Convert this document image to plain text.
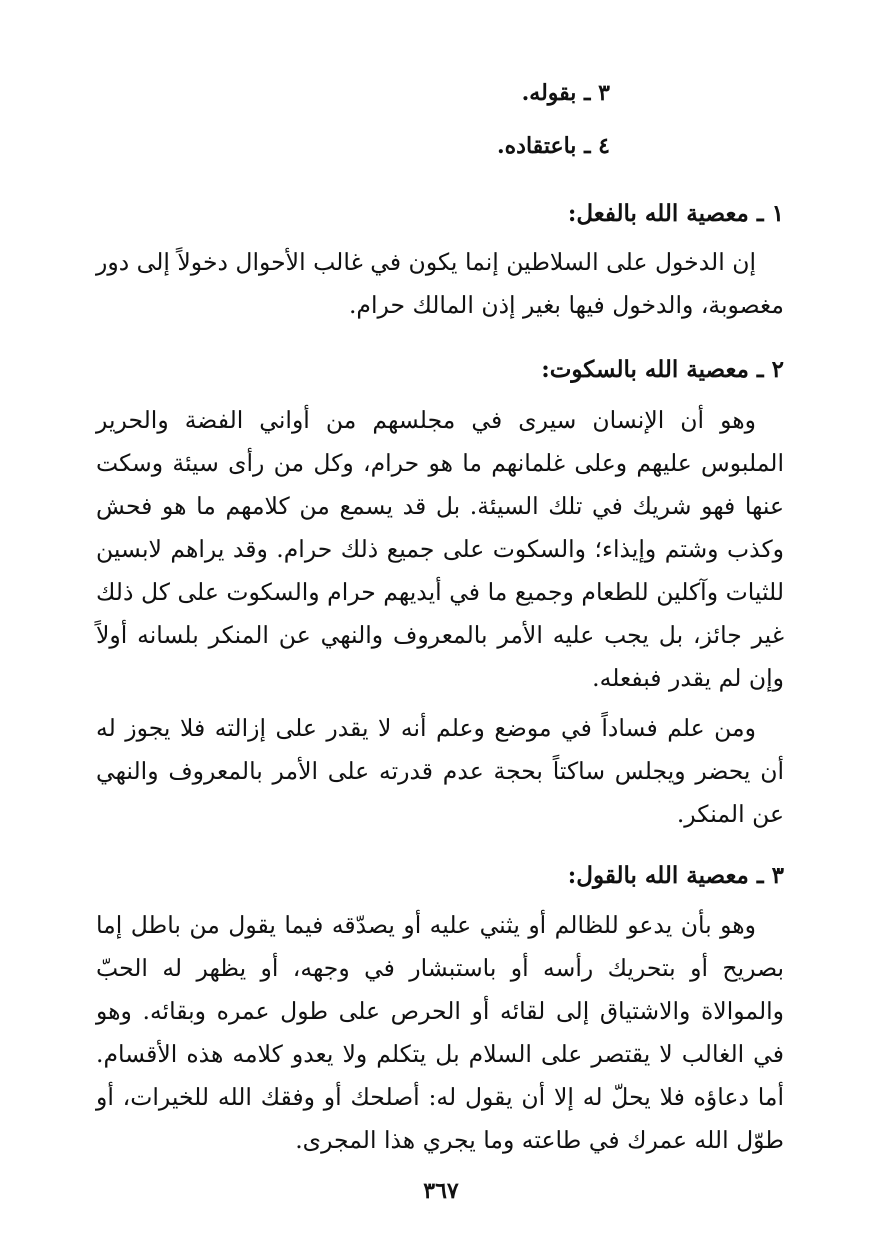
٣ ـ بقوله.
٤ ـ باعتقاده.
١ ـ معصية الله بالفعل:

إن الدخول على السلاطين إنما يكون في غالب الأحوال دخولاً إلى دور مغصوبة، والدخول فيها بغير إذن المالك حرام.

٢ ـ معصية الله بالسكوت:

وهو أن الإنسان سيرى في مجلسهم من أواني الفضة والحرير الملبوس عليهم وعلى غلمانهم ما هو حرام، وكل من رأى سيئة وسكت عنها فهو شريك في تلك السيئة. بل قد يسمع من كلامهم ما هو فحش وكذب وشتم وإيذاء؛ والسكوت على جميع ذلك حرام. وقد يراهم لابسين للثيات وآكلين للطعام وجميع ما في أيديهم حرام والسكوت على كل ذلك غير جائز، بل يجب عليه الأمر بالمعروف والنهي عن المنكر بلسانه أولاً وإن لم يقدر فبفعله.

ومن علم فساداً في موضع وعلم أنه لا يقدر على إزالته فلا يجوز له أن يحضر ويجلس ساكتاً بحجة عدم قدرته على الأمر بالمعروف والنهي عن المنكر.

٣ ـ معصية الله بالقول:

وهو بأن يدعو للظالم أو يثني عليه أو يصدّقه فيما يقول من باطل إما بصريح أو بتحريك رأسه أو باستبشار في وجهه، أو يظهر له الحبّ والموالاة والاشتياق إلى لقائه أو الحرص على طول عمره وبقائه. وهو في الغالب لا يقتصر على السلام بل يتكلم ولا يعدو كلامه هذه الأقسام. أما دعاؤه فلا يحلّ له إلا أن يقول له: أصلحك أو وفقك الله للخيرات، أو طوّل الله عمرك في طاعته وما يجري هذا المجرى.

٣٦٧
